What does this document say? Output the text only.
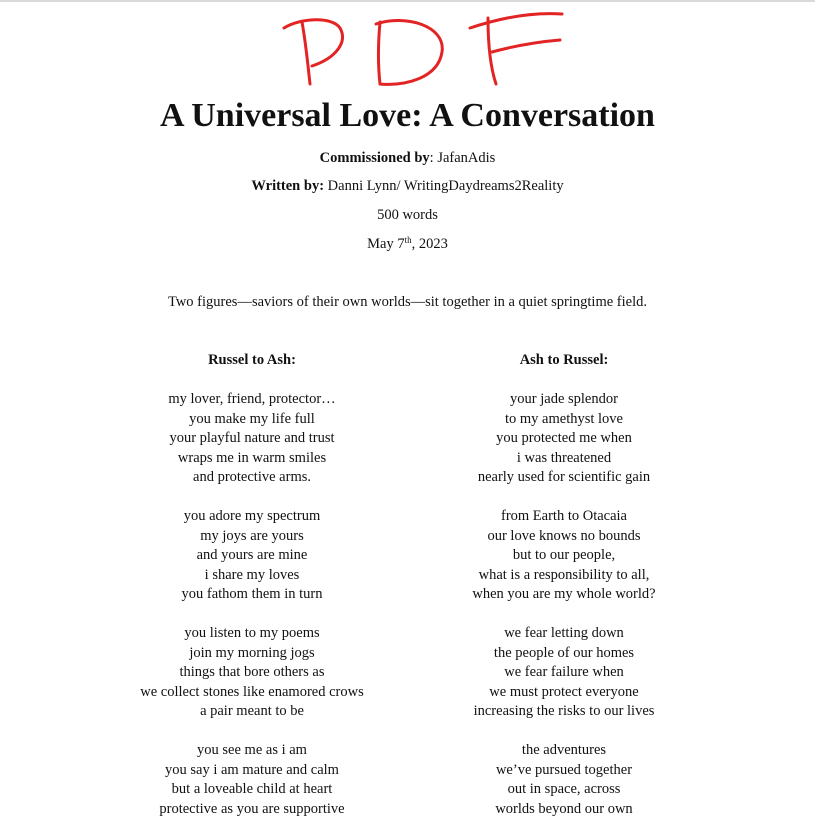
A Universal Love: A Conversation
Commissioned by: JafanAdis
Written by: Danni Lynn/ WritingDaydreams2Reality
500 words
May 7th, 2023
Two figures—saviors of their own worlds—sit together in a quiet springtime field.
Russel to Ash:
my lover, friend, protector…
you make my life full
your playful nature and trust
wraps me in warm smiles
and protective arms.
you adore my spectrum
my joys are yours
and yours are mine
i share my loves
you fathom them in turn
you listen to my poems
join my morning jogs
things that bore others as
we collect stones like enamored crows
a pair meant to be
you see me as i am
you say i am mature and calm
but a loveable child at heart
protective as you are supportive
Ash to Russel:
your jade splendor
to my amethyst love
you protected me when
i was threatened
nearly used for scientific gain
from Earth to Otacaia
our love knows no bounds
but to our people,
what is a responsibility to all,
when you are my whole world?
we fear letting down
the people of our homes
we fear failure when
we must protect everyone
increasing the risks to our lives
the adventures
we’ve pursued together
out in space, across
worlds beyond our own
